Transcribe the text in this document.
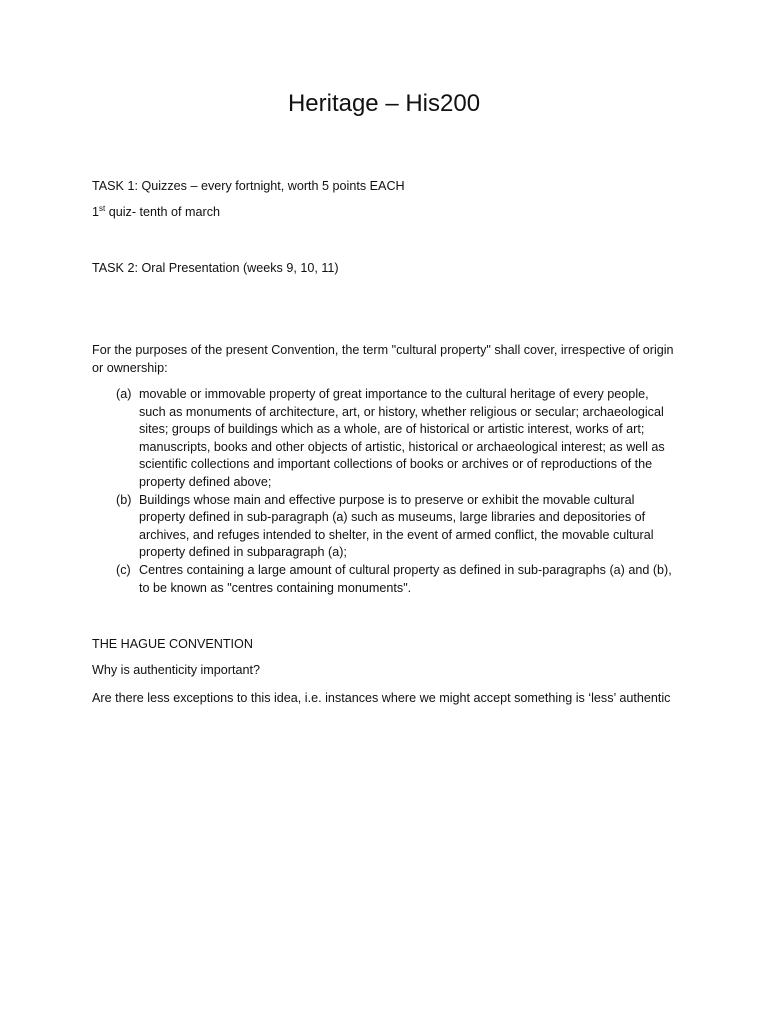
Heritage – His200

TASK 1: Quizzes – every fortnight, worth 5 points EACH

1st quiz- tenth of march

TASK 2: Oral Presentation (weeks 9, 10, 11)

For the purposes of the present Convention, the term "cultural property" shall cover, irrespective of origin or ownership:

(a) movable or immovable property of great importance to the cultural heritage of every people, such as monuments of architecture, art, or history, whether religious or secular; archaeological sites; groups of buildings which as a whole, are of historical or artistic interest, works of art; manuscripts, books and other objects of artistic, historical or archaeological interest; as well as scientific collections and important collections of books or archives or of reproductions of the property defined above;
(b) Buildings whose main and effective purpose is to preserve or exhibit the movable cultural property defined in sub-paragraph (a) such as museums, large libraries and depositories of archives, and refuges intended to shelter, in the event of armed conflict, the movable cultural property defined in subparagraph (a);
(c) Centres containing a large amount of cultural property as defined in sub-paragraphs (a) and (b), to be known as "centres containing monuments".

THE HAGUE CONVENTION

Why is authenticity important?

Are there less exceptions to this idea, i.e. instances where we might accept something is ‘less’ authentic
